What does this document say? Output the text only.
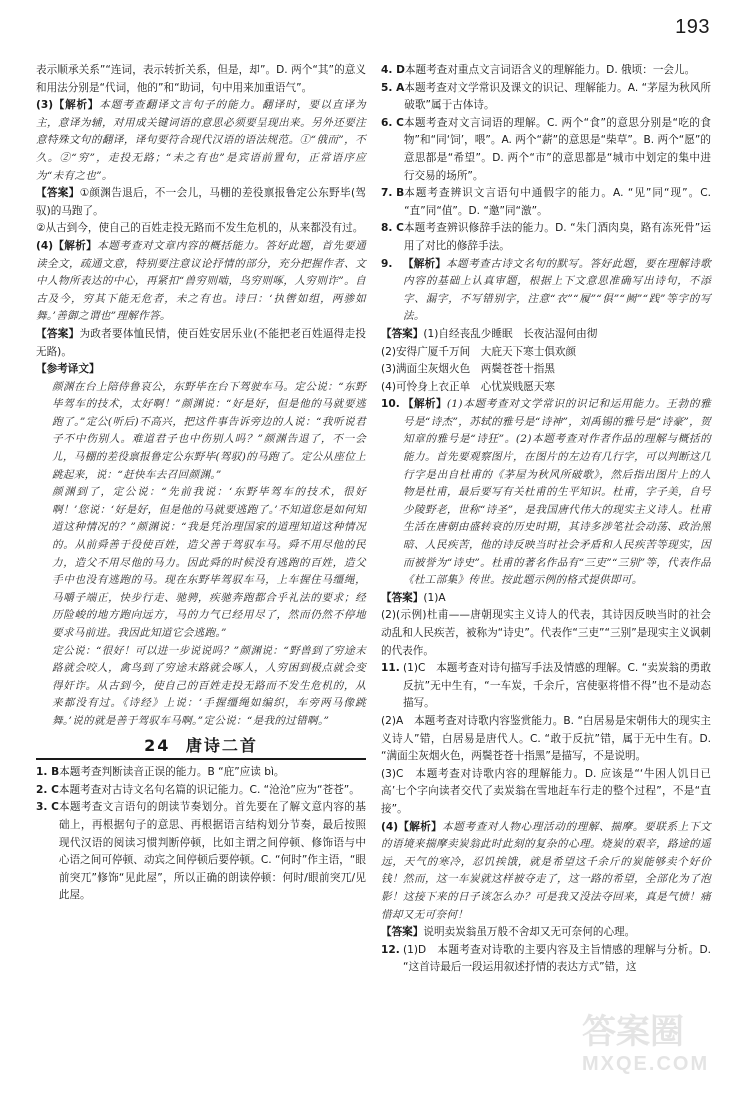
193

表示顺承关系”“连词，表示转折关系，但是，却”。D. 两个“其”的意义和用法分别是“代词，他的”和“助词，句中用来加重语气”。

(3)【解析】本题考查翻译文言句子的能力。翻译时，要以直译为主，意译为辅，对用成关键词语的意思必须要呈现出来。另外还要注意特殊文句的翻译，译句要符合现代汉语的语法规范。①“俄而”，不久。②“穷”，走投无路；“未之有也”是宾语前置句，正常语序应为“未有之也”。

【答案】①颜渊告退后，不一会儿，马棚的差役禀报鲁定公东野毕(驾驭)的马跑了。

②从古到今，使自己的百姓走投无路而不发生危机的，从来都没有过。

(4)【解析】本题考查对文章内容的概括能力。答好此题，首先要通读全文，疏通文意，特别要注意议论抒情的部分，充分把握作者、文中人物所表达的中心，再紧扣“兽穷则啮，鸟穷则啄，人穷则诈”。自古及今，穷其下能无危者，未之有也。诗曰：‘执辔如组，两骖如舞。’善御之谓也”理解作答。

【答案】为政者要体恤民情，使百姓安居乐业(不能把老百姓逼得走投无路)。

【参考译文】

颜渊在台上陪侍鲁哀公，东野毕在台下驾驶车马。定公说：“东野毕驾车的技术，太好啊！”颜渊说：“好是好，但是他的马就要逃跑了。”定公(听后)不高兴，把这件事告诉旁边的人说：“我听说君子不中伤别人。难道君子也中伤别人吗？”颜渊告退了，不一会儿，马棚的差役禀报鲁定公东野毕(驾驭)的马跑了。定公从座位上跳起来，说：“赶快车去召回颜渊。”

颜渊到了，定公说：“先前我说：‘东野毕驾车的技术，很好啊！’您说：‘好是好，但是他的马就要逃跑了。’不知道您是如何知道这种情况的？”颜渊说：“我是凭治理国家的道理知道这种情况的。从前舜善于役使百姓，造父善于驾驭车马。舜不用尽他的民力，造父不用尽他的马力。因此舜的时候没有逃跑的百姓，造父手中也没有逃跑的马。现在东野毕驾驭车马，上车握住马缰绳，马嚼子端正，快步行走、驰骋，疾驰奔跑都合乎礼法的要求；经历险峻的地方跑向远方，马的力气已经用尽了，然而仍然不停地要求马前进。我因此知道它会逃跑。”

定公说：“很好！可以进一步说说吗？”颜渊说：“野兽到了穷途末路就会咬人，禽鸟到了穷途末路就会啄人，人穷困到极点就会变得奸诈。从古到今，使自己的百姓走投无路而不发生危机的，从来都没有过。《诗经》上说：‘手握缰绳如编织，车旁两马像跳舞。’说的就是善于驾驭车马啊。”定公说：“是我的过错啊。”

24 唐诗二首
1. B 本题考查判断读音正误的能力。B “庇”应读 bì。
2. C 本题考查对古诗文名句名篇的识记能力。C. “沧沧”应为“苍苍”。
3. C 本题考查文言语句的朗读节奏划分。首先要在了解文意内容的基础上，再根据句子的意思、再根据语言结构划分节奏，最后按照现代汉语的阅读习惯判断停顿，比如主谓之间停顿、修饰语与中心语之间可停顿、动宾之间停顿后要停顿。C. “何时”作主语，“眼前突兀”修饰“见此屋”，所以正确的朗读停顿：何时/眼前突兀/见此屋。
4. D 本题考查对重点文言词语含义的理解能力。D. 俄顷：一会儿。
5. A 本题考查对文学常识及课文的识记、理解能力。A. “茅屋为秋风所破歌”属于古体诗。
6. C 本题考查对文言词语的理解。C. 两个“食”的意思分别是“吃的食物”和“同‘饲’，喂”。A. 两个“薪”的意思是“柴草”。B. 两个“愿”的意思都是“希望”。D. 两个“市”的意思都是“城市中划定的集中进行交易的场所”。
7. B 本题考查辨识文言语句中通假字的能力。A. “见”同“现”。C. “直”同“值”。D. “邀”同“激”。
8. C 本题考查辨识修辞手法的能力。D. “朱门酒肉臭，路有冻死骨”运用了对比的修辞手法。
9. 【解析】本题考查古诗文名句的默写。答好此题，要在理解诗歌内容的基础上认真审题，根据上下文意思准确写出诗句，不添字、漏字，不写错别字，注意“衣”“履”“俱”“阙”“践”等字的写法。

【答案】(1)自经丧乱少睡眠　长夜沾湿何由彻

(2)安得广厦千万间　大庇天下寒士俱欢颜

(3)满面尘灰烟火色　两鬓苍苍十指黑

(4)可怜身上衣正单　心忧炭贱愿天寒

10. 【解析】(1)本题考查对文学常识的识记和运用能力。王勃的雅号是“诗杰”，苏轼的雅号是“诗神”，刘禹锡的雅号是“诗豪”，贺知章的雅号是“诗狂”。(2)本题考查对作者作品的理解与概括的能力。首先要观察图片，在图片的左边有几行字，可以判断这几行字是出自杜甫的《茅屋为秋风所破歌》，然后指出图片上的人物是杜甫，最后要写有关杜甫的生平知识。杜甫，字子美，自号少陵野老，世称“诗圣”，是我国唐代伟大的现实主义诗人。杜甫生活在唐朝由盛转衰的历史时期，其诗多涉笔社会动荡、政治黑暗、人民疾苦，他的诗反映当时社会矛盾和人民疾苦等现实，因而被誉为“诗史”。杜甫的著名作品有“三吏”“三别”等，代表作品《杜工部集》传世。按此题示例的格式提供即可。

【答案】(1)A

(2)(示例)杜甫——唐朝现实主义诗人的代表，其诗因反映当时的社会动乱和人民疾苦，被称为“诗史”。代表作“三吏”“三别”是现实主义讽刺的代表作。

11. (1)C　本题考查对诗句描写手法及情感的理解。C. “卖炭翁的勇敢反抗”无中生有，“一车炭，千余斤，宫使驱将惜不得”也不是动态描写。

(2)A　本题考查对诗歌内容鉴赏能力。B. “白居易是宋朝伟大的现实主义诗人”错，白居易是唐代人。C. “敢于反抗”错，属于无中生有。D. “满面尘灰烟火色，两鬓苍苍十指黑”是描写，不是说明。

(3)C　本题考查对诗歌内容的理解能力。D. 应该是“‘牛困人饥日已高’七个字向读者交代了卖炭翁在雪地赶车行走的整个过程”，不是“直接”。

(4)【解析】本题考查对人物心理活动的理解、揣摩。要联系上下文的语境来揣摩卖炭翁此时此刻的复杂的心理。烧炭的艰辛，路途的遥远，天气的寒冷，忍饥挨饿，就是希望这千余斤的炭能够卖个好价钱！然而，这一车炭就这样被夺走了，这一路的希望，全部化为了泡影！这接下来的日子该怎么办？可是我又没法夺回来，真是气愤！痛惜却又无可奈何！

【答案】说明卖炭翁虽万般不舍却又无可奈何的心理。

12. (1)D　本题考查对诗歌的主要内容及主旨情感的理解与分析。D. “这首诗最后一段运用叙述抒情的表达方式”错，这
答案圈
MXQE.COM
